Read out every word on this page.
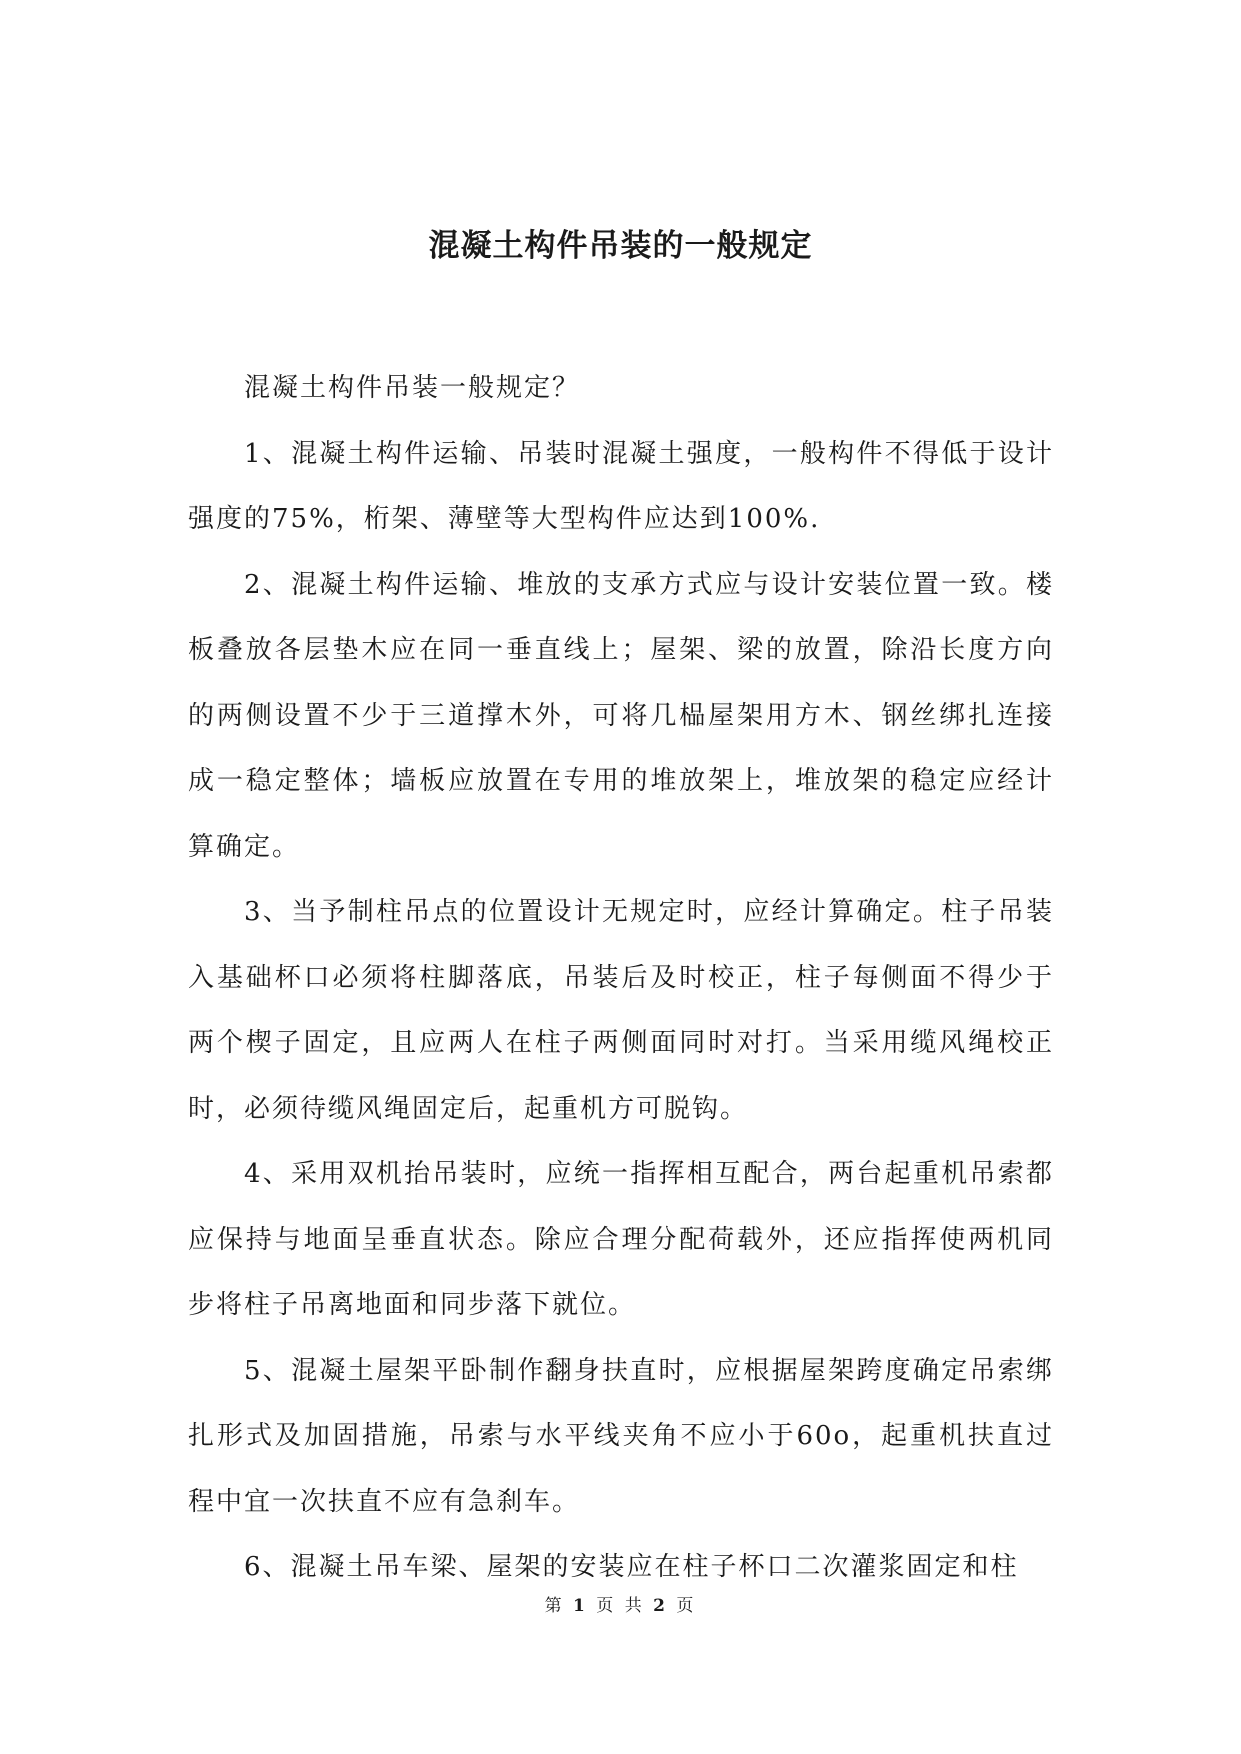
混凝土构件吊装的一般规定

混凝土构件吊装一般规定？

1、混凝土构件运输、吊装时混凝土强度，一般构件不得低于设计强度的75%，桁架、薄壁等大型构件应达到100%.

2、混凝土构件运输、堆放的支承方式应与设计安装位置一致。楼板叠放各层垫木应在同一垂直线上；屋架、梁的放置，除沿长度方向的两侧设置不少于三道撑木外，可将几榀屋架用方木、钢丝绑扎连接成一稳定整体；墙板应放置在专用的堆放架上，堆放架的稳定应经计算确定。

3、当予制柱吊点的位置设计无规定时，应经计算确定。柱子吊装入基础杯口必须将柱脚落底，吊装后及时校正，柱子每侧面不得少于两个楔子固定，且应两人在柱子两侧面同时对打。当采用缆风绳校正时，必须待缆风绳固定后，起重机方可脱钩。

4、采用双机抬吊装时，应统一指挥相互配合，两台起重机吊索都应保持与地面呈垂直状态。除应合理分配荷载外，还应指挥使两机同步将柱子吊离地面和同步落下就位。

5、混凝土屋架平卧制作翻身扶直时，应根据屋架跨度确定吊索绑扎形式及加固措施，吊索与水平线夹角不应小于60o，起重机扶直过程中宜一次扶直不应有急刹车。

6、混凝土吊车梁、屋架的安装应在柱子杯口二次灌浆固定和柱

第 1 页 共 2 页
